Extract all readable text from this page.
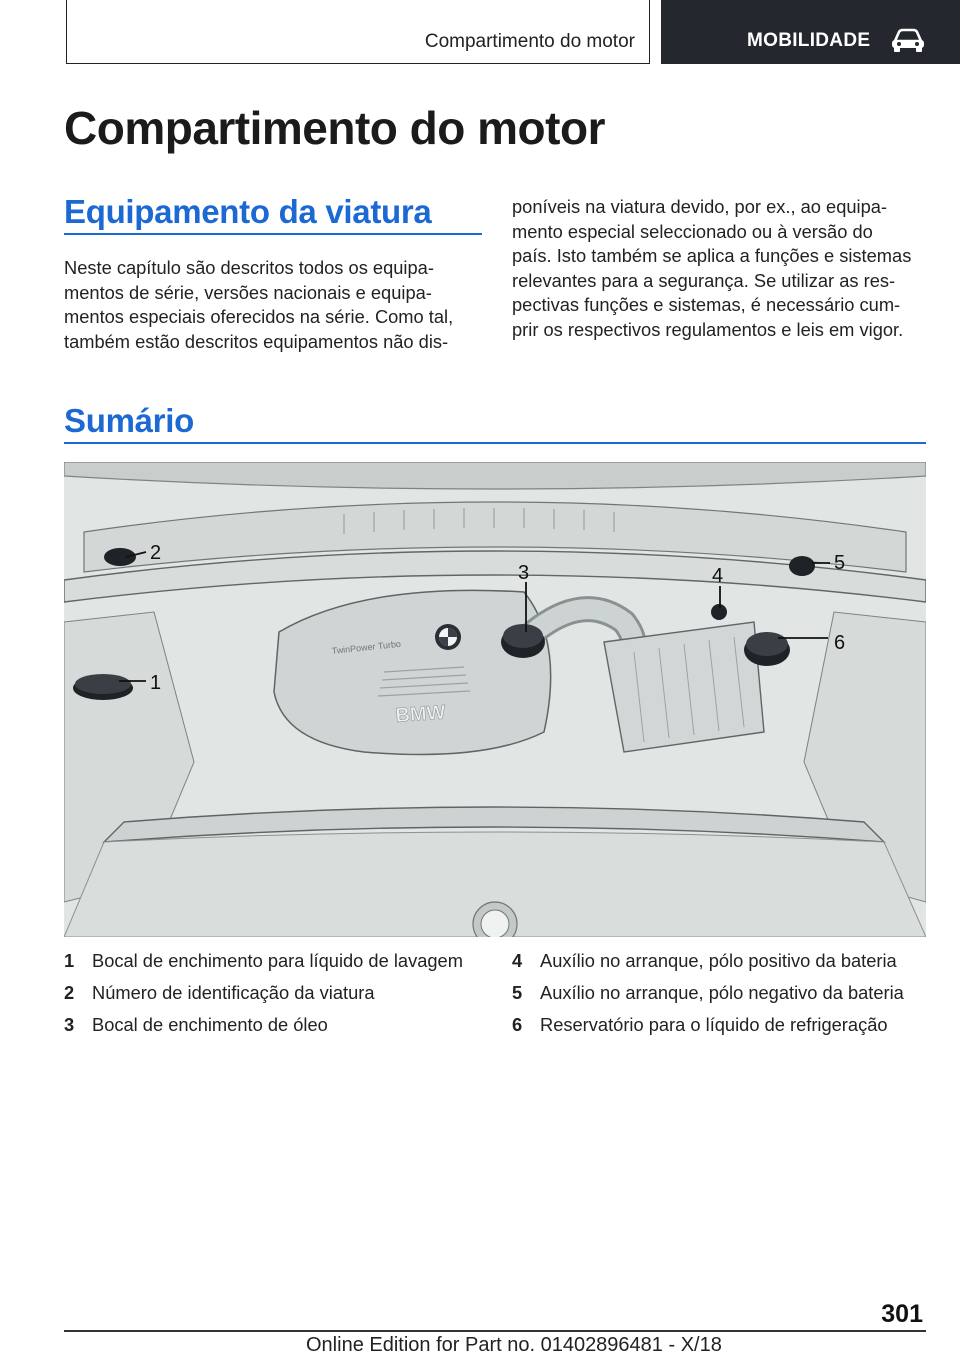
Compartimento do motor	MOBILIDADE
Compartimento do motor
Equipamento da viatura
Neste capítulo são descritos todos os equipa-
mentos de série, versões nacionais e equipa-
mentos especiais oferecidos na série. Como tal,
também estão descritos equipamentos não dis-
poníveis na viatura devido, por ex., ao equipa-
mento especial seleccionado ou à versão do
país. Isto também se aplica a funções e sistemas
relevantes para a segurança. Se utilizar as res-
pectivas funções e sistemas, é necessário cum-
prir os respectivos regulamentos e leis em vigor.
Sumário
TwinPower Turbo
BMW
1
2
3	4
5
6
1 Bocal de enchimento para líquido de lavagem
2 Número de identificação da viatura
3 Bocal de enchimento de óleo
4 Auxílio no arranque, pólo positivo da bateria
5 Auxílio no arranque, pólo negativo da bateria
6 Reservatório para o líquido de refrigeração
301
Online Edition for Part no. 01402896481 - X/18
